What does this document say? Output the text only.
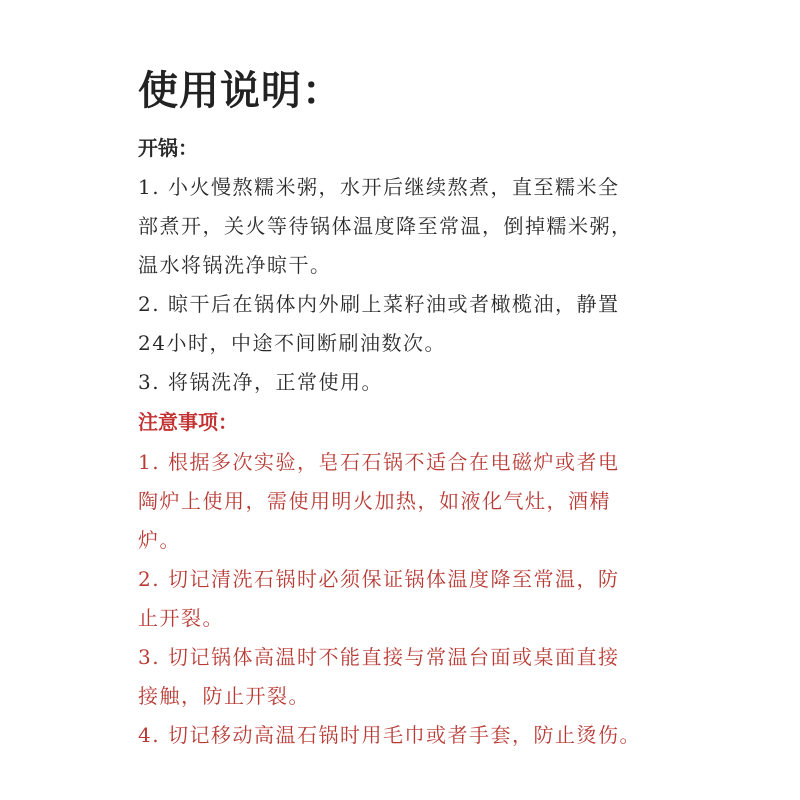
使用说明：
开锅：
1. 小火慢熬糯米粥，水开后继续熬煮，直至糯米全
部煮开，关火等待锅体温度降至常温，倒掉糯米粥，
温水将锅洗净晾干。
2. 晾干后在锅体内外刷上菜籽油或者橄榄油，静置
24小时，中途不间断刷油数次。
3. 将锅洗净，正常使用。
注意事项：
1. 根据多次实验，皂石石锅不适合在电磁炉或者电
陶炉上使用，需使用明火加热，如液化气灶，酒精
炉。
2. 切记清洗石锅时必须保证锅体温度降至常温，防
止开裂。
3. 切记锅体高温时不能直接与常温台面或桌面直接
接触，防止开裂。
4. 切记移动高温石锅时用毛巾或者手套，防止烫伤。
